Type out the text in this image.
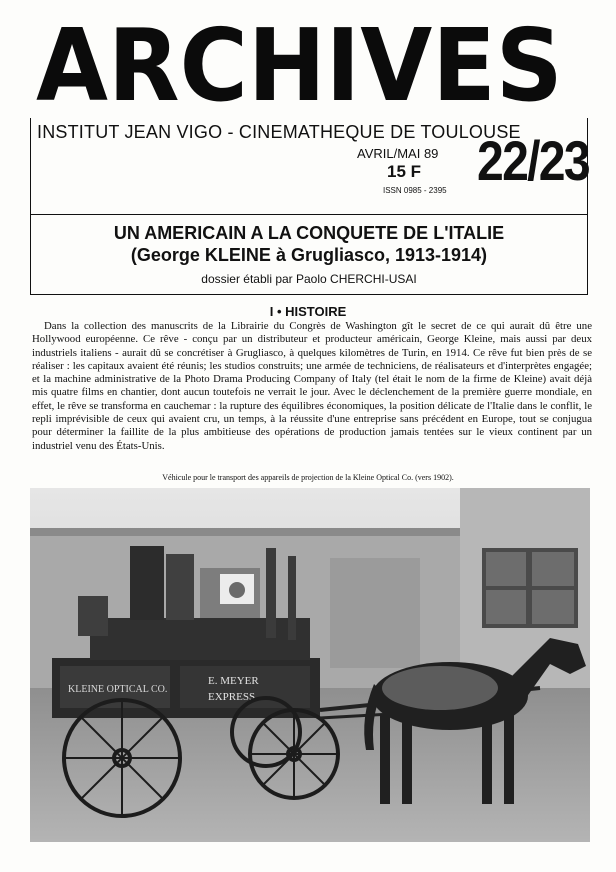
ARCHIVES
INSTITUT JEAN VIGO - CINEMATHEQUE DE TOULOUSE
AVRIL/MAI 89
15 F
ISSN 0985 - 2395 22/23
UN AMERICAIN A LA CONQUETE DE L'ITALIE
(George KLEINE à Grugliasco, 1913-1914)
dossier établi par Paolo CHERCHI-USAI
I • HISTOIRE

Dans la collection des manuscrits de la Librairie du Congrès de Washington gît le secret de ce qui aurait dû être une Hollywood européenne. Ce rêve - conçu par un distributeur et producteur américain, George Kleine, mais aussi par deux industriels italiens - aurait dû se concrétiser à Grugliasco, à quelques kilomètres de Turin, en 1914. Ce rêve fut bien près de se réaliser : les capitaux avaient été réunis; les studios construits; une armée de techniciens, de réalisateurs et d'interprètes engagée; et la machine administrative de la Photo Drama Producing Company of Italy (tel était le nom de la firme de Kleine) avait déjà mis quatre films en chantier, dont aucun toutefois ne verrait le jour. Avec le déclenchement de la première guerre mondiale, en effet, le rêve se transforma en cauchemar : la rupture des équilibres économiques, la position délicate de l'Italie dans le conflit, le repli imprévisible de ceux qui avaient cru, un temps, à la réussite d'une entreprise sans précédent en Europe, tout se conjugua pour déterminer la faillite de la plus ambitieuse des opérations de production jamais tentées sur le vieux continent par un industriel venu des États-Unis.

Véhicule pour le transport des appareils de projection de la Kleine Optical Co. (vers 1902).
KLEINE OPTICAL CO.
E. MEYER
EXPRESS
